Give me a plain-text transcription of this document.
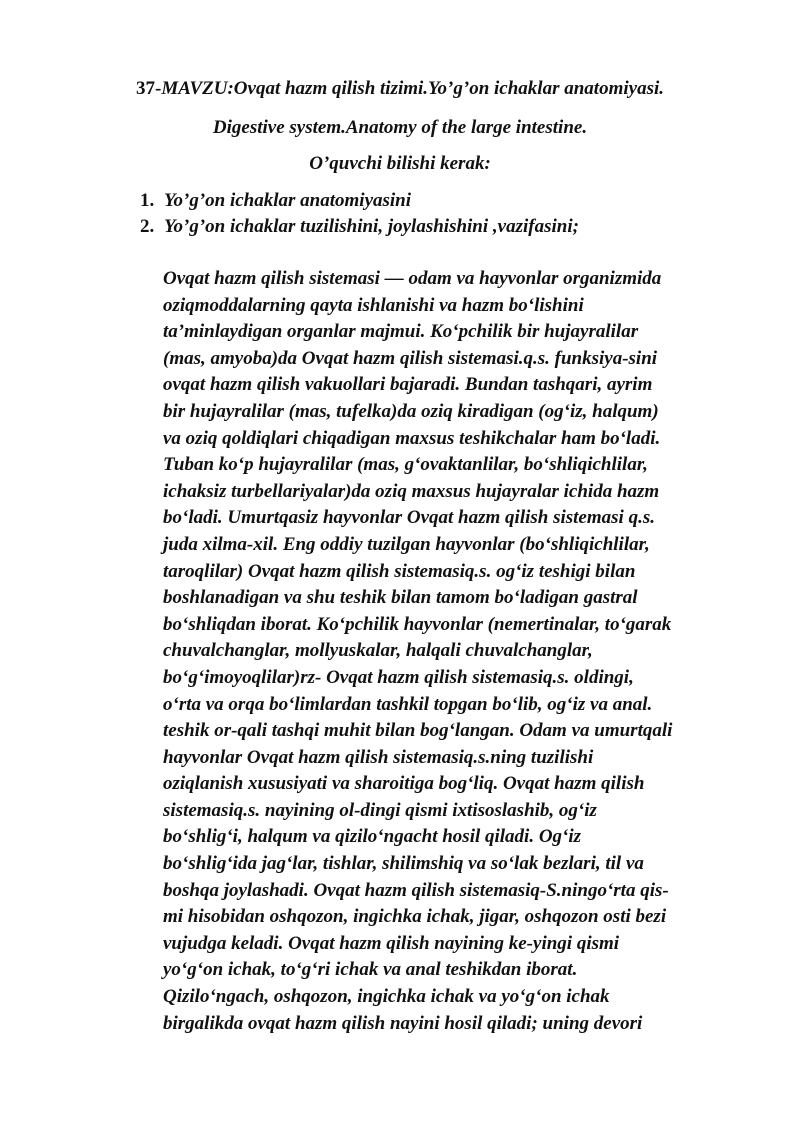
37-MAVZU:Ovqat hazm qilish tizimi.Yo’g’on ichaklar anatomiyasi.
Digestive system.Anatomy of the large intestine.
O’quvchi bilishi kerak:
1. Yo’g’on ichaklar anatomiyasini
2. Yo’g’on ichaklar tuzilishini, joylashishini ,vazifasini;
Ovqat hazm qilish sistemasi — odam va hayvonlar organizmida
oziqmoddalarning qayta ishlanishi va hazm bo‘lishini
ta’minlaydigan organlar majmui. Ko‘pchilik bir hujayralilar
(mas, amyoba)da Ovqat hazm qilish sistemasi.q.s. funksiya-sini
ovqat hazm qilish vakuollari bajaradi. Bundan tashqari, ayrim
bir hujayralilar (mas, tufelka)da oziq kiradigan (og‘iz, halqum)
va oziq qoldiqlari chiqadigan maxsus teshikchalar ham bo‘ladi.
Tuban ko‘p hujayralilar (mas, g‘ovaktanlilar, bo‘shliqichlilar,
ichaksiz turbellariyalar)da oziq maxsus hujayralar ichida hazm
bo‘ladi. Umurtqasiz hayvonlar Ovqat hazm qilish sistemasi q.s.
juda xilma-xil. Eng oddiy tuzilgan hayvonlar (bo‘shliqichlilar,
taroqlilar) Ovqat hazm qilish sistemasiq.s. og‘iz teshigi bilan
boshlanadigan va shu teshik bilan tamom bo‘ladigan gastral
bo‘shliqdan iborat. Ko‘pchilik hayvonlar (nemertinalar, to‘garak
chuvalchanglar, mollyuskalar, halqali chuvalchanglar,
bo‘g‘imoyoqlilar)rz- Ovqat hazm qilish sistemasiq.s. oldingi,
o‘rta va orqa bo‘limlardan tashkil topgan bo‘lib, og‘iz va anal.
teshik or-qali tashqi muhit bilan bog‘langan. Odam va umurtqali
hayvonlar Ovqat hazm qilish sistemasiq.s.ning tuzilishi
oziqlanish xususiyati va sharoitiga bog‘liq. Ovqat hazm qilish
sistemasiq.s. nayining ol-dingi qismi ixtisoslashib, og‘iz
bo‘shlig‘i, halqum va qizilo‘ngacht hosil qiladi. Og‘iz
bo‘shlig‘ida jag‘lar, tishlar, shilimshiq va so‘lak bezlari, til va
boshqa joylashadi. Ovqat hazm qilish sistemasiq-S.ningo‘rta qis-
mi hisobidan oshqozon, ingichka ichak, jigar, oshqozon osti bezi
vujudga keladi. Ovqat hazm qilish nayining ke-yingi qismi
yo‘g‘on ichak, to‘g‘ri ichak va anal teshikdan iborat.
Qizilo‘ngach, oshqozon, ingichka ichak va yo‘g‘on ichak
birgalikda ovqat hazm qilish nayini hosil qiladi; uning devori
